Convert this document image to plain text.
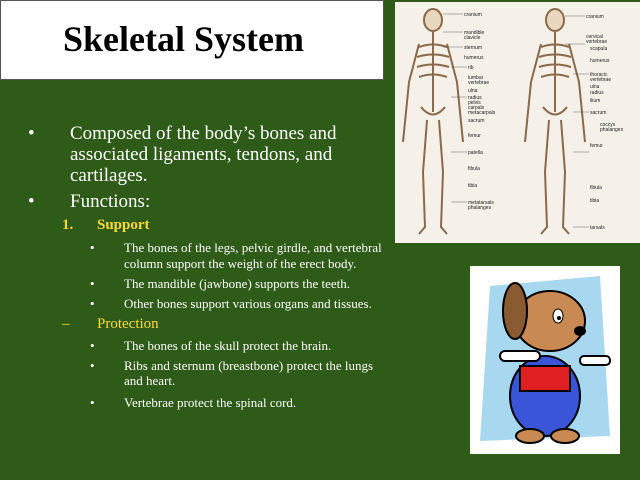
Skeletal System
cranium
mandible
clavicle
sternum
humerus
rib
lumbar
vertebrae
ulna
radius
pelvis
carpals
metacarpals
sacrum
femur
patella
fibula
tibia
metatarsals
phalanges
cranium
cervical
vertebrae
scapula
humerus
thoracic
vertebrae
ulna
radius
ilium
sacrum
coccyx
phalanges
femur
fibula
tibia
tarsals
• Composed of the body’s bones and
associated ligaments, tendons, and
cartilages.
• Functions:
1. Support
• The bones of the legs, pelvic girdle, and vertebral
column support the weight of the erect body.
• The mandible (jawbone) supports the teeth.
• Other bones support various organs and tissues.
– Protection
• The bones of the skull protect the brain.
• Ribs and sternum (breastbone) protect the lungs
and heart.
• Vertebrae protect the spinal cord.
